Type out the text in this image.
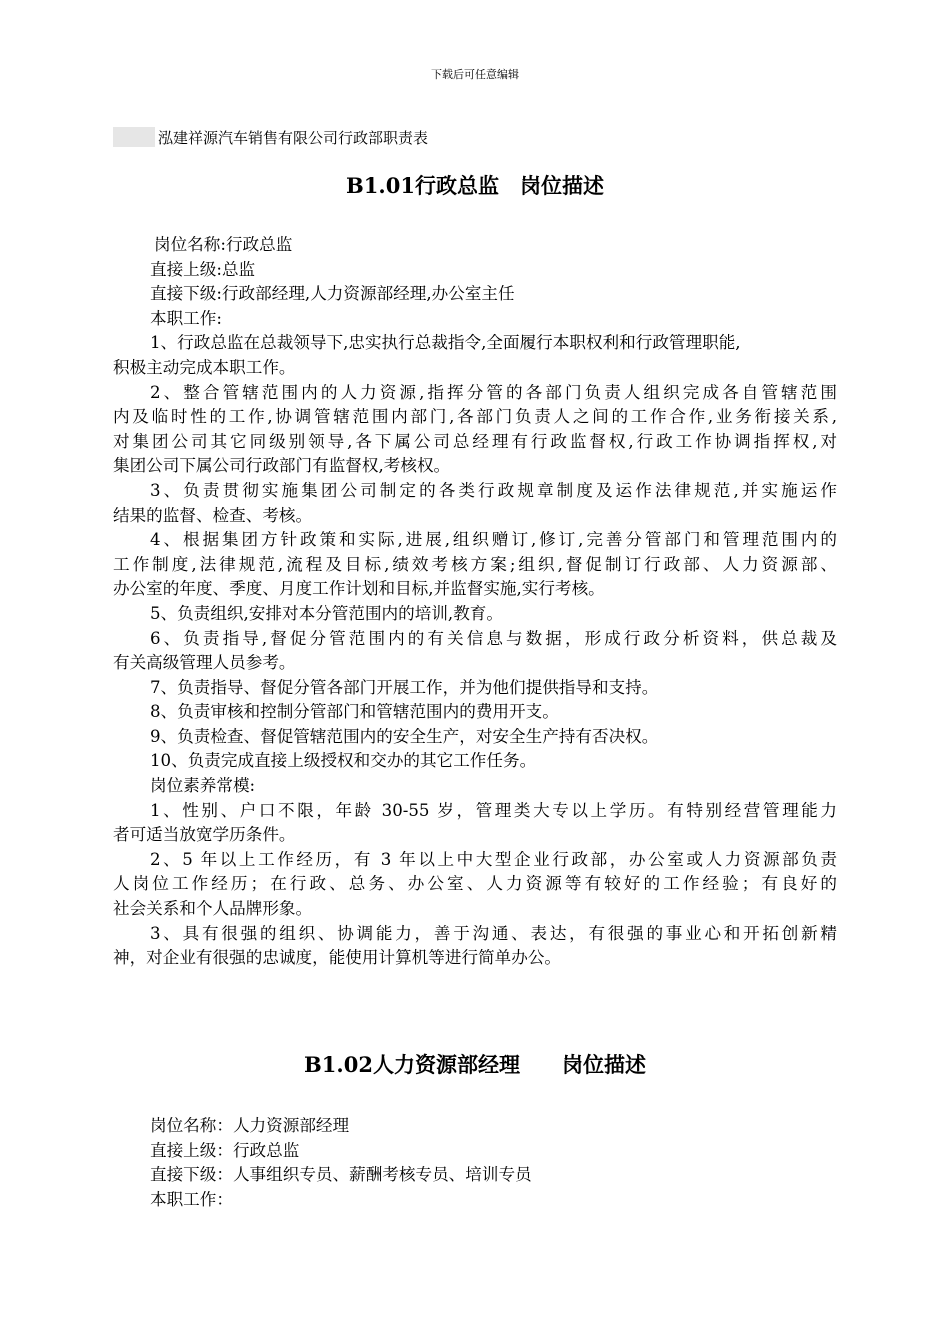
下载后可任意编辑
泓建祥源汽车销售有限公司行政部职责表
B1.01行政总监　岗位描述
岗位名称:行政总监
直接上级:总监
直接下级:行政部经理,人力资源部经理,办公室主任
本职工作:
1、行政总监在总裁领导下,忠实执行总裁指令,全面履行本职权利和行政管理职能,
积极主动完成本职工作。
2、整合管辖范围内的人力资源,指挥分管的各部门负责人组织完成各自管辖范围
内及临时性的工作,协调管辖范围内部门,各部门负责人之间的工作合作,业务衔接关系,
对集团公司其它同级别领导,各下属公司总经理有行政监督权,行政工作协调指挥权,对
集团公司下属公司行政部门有监督权,考核权。
3、负责贯彻实施集团公司制定的各类行政规章制度及运作法律规范,并实施运作
结果的监督、检查、考核。
4、根据集团方针政策和实际,进展,组织赠订,修订,完善分管部门和管理范围内的
工作制度,法律规范,流程及目标,绩效考核方案;组织,督促制订行政部、人力资源部、
办公室的年度、季度、月度工作计划和目标,并监督实施,实行考核。
5、负责组织,安排对本分管范围内的培训,教育。
6、负责指导,督促分管范围内的有关信息与数据，形成行政分析资料，供总裁及
有关高级管理人员参考。
7、负责指导、督促分管各部门开展工作，并为他们提供指导和支持。
8、负责审核和控制分管部门和管辖范围内的费用开支。
9、负责检查、督促管辖范围内的安全生产，对安全生产持有否决权。
10、负责完成直接上级授权和交办的其它工作任务。
岗位素养常模:
1、性别、户口不限，年龄 30-55 岁，管理类大专以上学历。有特别经营管理能力
者可适当放宽学历条件。
2、5 年以上工作经历，有 3 年以上中大型企业行政部，办公室或人力资源部负责
人岗位工作经历；在行政、总务、办公室、人力资源等有较好的工作经验；有良好的
社会关系和个人品牌形象。
3、具有很强的组织、协调能力，善于沟通、表达，有很强的事业心和开拓创新精
神，对企业有很强的忠诚度，能使用计算机等进行简单办公。
B1.02人力资源部经理　　岗位描述
岗位名称：人力资源部经理
直接上级：行政总监
直接下级：人事组织专员、薪酬考核专员、培训专员
本职工作：
